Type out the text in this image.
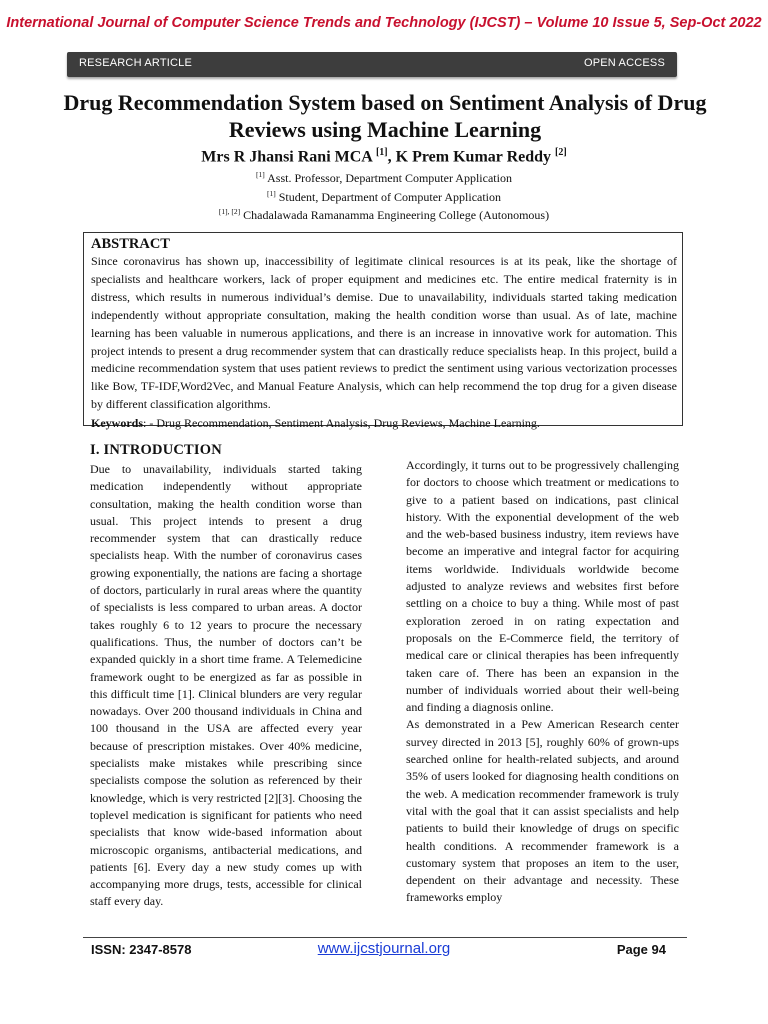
International Journal of Computer Science Trends and Technology (IJCST) – Volume 10 Issue 5, Sep-Oct 2022
RESEARCH ARTICLE	OPEN ACCESS
Drug Recommendation System based on Sentiment Analysis of Drug Reviews using Machine Learning
Mrs R Jhansi Rani MCA [1], K Prem Kumar Reddy [2]
[1] Asst. Professor, Department Computer Application
[1] Student, Department of Computer Application
[1], [2] Chadalawada Ramanamma Engineering College (Autonomous)
ABSTRACT
Since coronavirus has shown up, inaccessibility of legitimate clinical resources is at its peak, like the shortage of specialists and healthcare workers, lack of proper equipment and medicines etc. The entire medical fraternity is in distress, which results in numerous individual’s demise. Due to unavailability, individuals started taking medication independently without appropriate consultation, making the health condition worse than usual. As of late, machine learning has been valuable in numerous applications, and there is an increase in innovative work for automation. This project intends to present a drug recommender system that can drastically reduce specialists heap. In this project, build a medicine recommendation system that uses patient reviews to predict the sentiment using various vectorization processes like Bow, TF-IDF,Word2Vec, and Manual Feature Analysis, which can help recommend the top drug for a given disease by different classification algorithms.
Keywords: - Drug Recommendation, Sentiment Analysis, Drug Reviews, Machine Learning.
I. INTRODUCTION

Due to unavailability, individuals started taking medication independently without appropriate consultation, making the health condition worse than usual. This project intends to present a drug recommender system that can drastically reduce specialists heap. With the number of coronavirus cases growing exponentially, the nations are facing a shortage of doctors, particularly in rural areas where the quantity of specialists is less compared to urban areas. A doctor takes roughly 6 to 12 years to procure the necessary qualifications. Thus, the number of doctors can’t be expanded quickly in a short time frame. A Telemedicine framework ought to be energized as far as possible in this difficult time [1]. Clinical blunders are very regular nowadays. Over 200 thousand individuals in China and 100 thousand in the USA are affected every year because of prescription mistakes. Over 40% medicine, specialists make mistakes while prescribing since specialists compose the solution as referenced by their knowledge, which is very restricted [2][3]. Choosing the toplevel medication is significant for patients who need specialists that know wide-based information about microscopic organisms, antibacterial medications, and patients [6]. Every day a new study comes up with accompanying more drugs, tests, accessible for clinical staff every day.

Accordingly, it turns out to be progressively challenging for doctors to choose which treatment or medications to give to a patient based on indications, past clinical history. With the exponential development of the web and the web-based business industry, item reviews have become an imperative and integral factor for acquiring items worldwide. Individuals worldwide become adjusted to analyze reviews and websites first before settling on a choice to buy a thing. While most of past exploration zeroed in on rating expectation and proposals on the E-Commerce field, the territory of medical care or clinical therapies has been infrequently taken care of. There has been an expansion in the number of individuals worried about their well-being and finding a diagnosis online.

As demonstrated in a Pew American Research center survey directed in 2013 [5], roughly 60% of grown-ups searched online for health-related subjects, and around 35% of users looked for diagnosing health conditions on the web. A medication recommender framework is truly vital with the goal that it can assist specialists and help patients to build their knowledge of drugs on specific health conditions. A recommender framework is a customary system that proposes an item to the user, dependent on their advantage and necessity. These frameworks employ

ISSN: 2347-8578	www.ijcstjournal.org	Page 94
